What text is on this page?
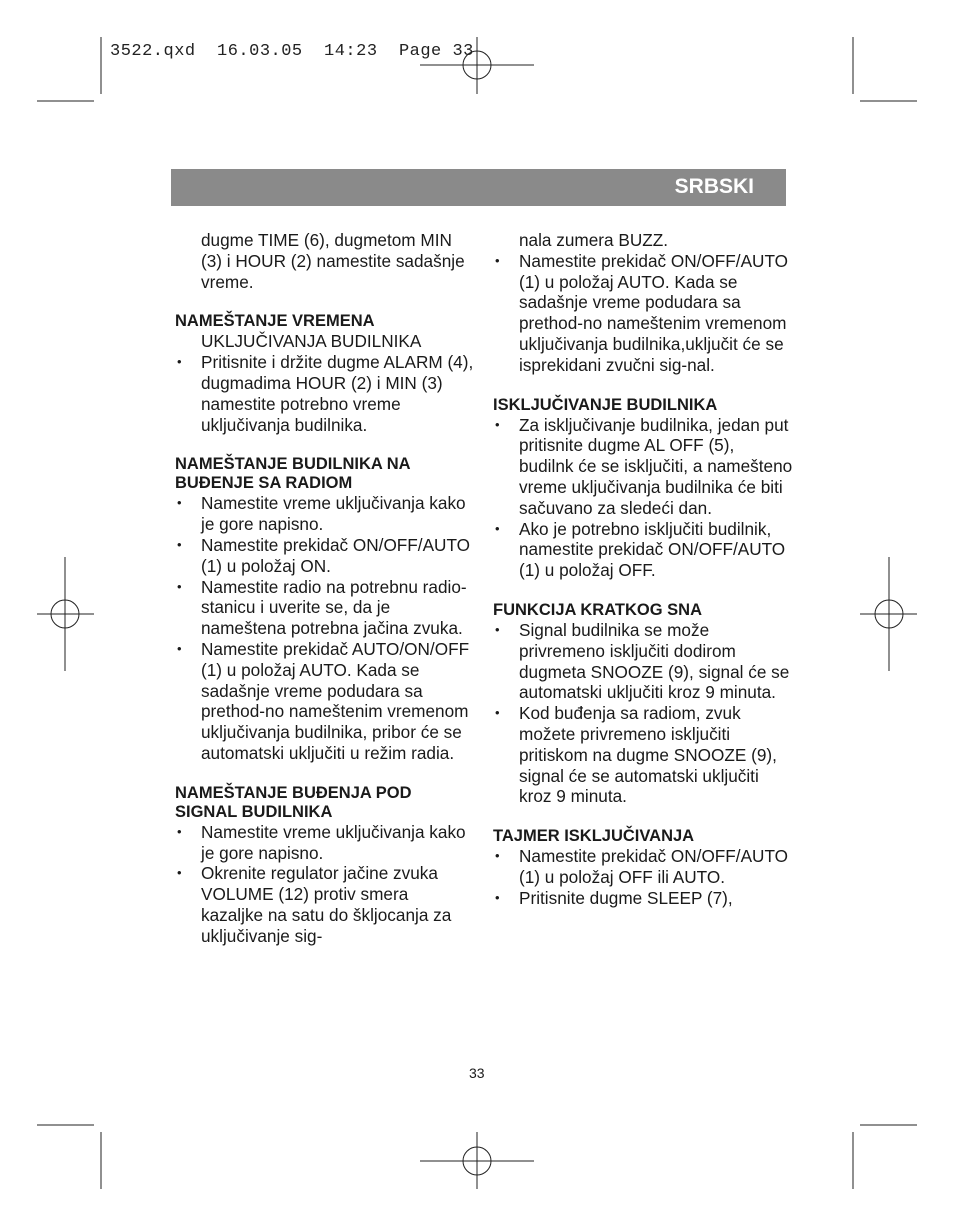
3522.qxd  16.03.05  14:23  Page 33
SRBSKI
dugme TIME (6), dugmetom MIN (3) i HOUR (2) namestite sadašnje vreme.
NAMEŠTANJE VREMENA
UKLJUČIVANJA BUDILNIKA
• Pritisnite i držite dugme ALARM (4), dugmadima HOUR (2) i MIN (3) namestite potrebno vreme uključivanja budilnika.
NAMEŠTANJE BUDILNIKA NA BUĐENJE SA RADIOM
• Namestite vreme uključivanja kako je gore napisno.
• Namestite prekidač ON/OFF/AUTO (1) u položaj ON.
• Namestite radio na potrebnu radio-stanicu i uverite se, da je nameštena potrebna jačina zvuka.
• Namestite prekidač AUTO/ON/OFF (1) u položaj AUTO. Kada se sadašnje vreme podudara sa prethod-no nameštenim vremenom uključivanja budilnika, pribor će se automatski uključiti u režim radia.
NAMEŠTANJE BUĐENJA POD SIGNAL BUDILNIKA
• Namestite vreme uključivanja kako je gore napisno.
• Okrenite regulator jačine zvuka VOLUME (12) protiv smera kazaljke na satu do škljocanja za uključivanje sig-
nala zumera BUZZ.
• Namestite prekidač ON/OFF/AUTO (1) u položaj AUTO. Kada se sadašnje vreme podudara sa prethod-no nameštenim vremenom uključivanja budilnika,uključit će se isprekidani zvučni sig-nal.
ISKLJUČIVANJE BUDILNIKA
• Za isključivanje budilnika, jedan put pritisnite dugme AL OFF (5), budilnk će se isključiti, a namešteno vreme uključivanja budilnika će biti sačuvano za sledeći dan.
• Ako je potrebno isključiti budilnik, namestite prekidač ON/OFF/AUTO (1) u položaj OFF.
FUNKCIJA KRATKOG SNA
• Signal budilnika se može privremeno isključiti dodirom dugmeta SNOOZE (9), signal će se automatski uključiti kroz 9 minuta.
• Kod buđenja sa radiom, zvuk možete privremeno isključiti pritiskom na dugme SNOOZE (9), signal će se automatski uključiti kroz 9 minuta.
TAJMER ISKLJUČIVANJA
• Namestite prekidač ON/OFF/AUTO (1) u položaj OFF ili AUTO.
• Pritisnite dugme SLEEP (7),
33
